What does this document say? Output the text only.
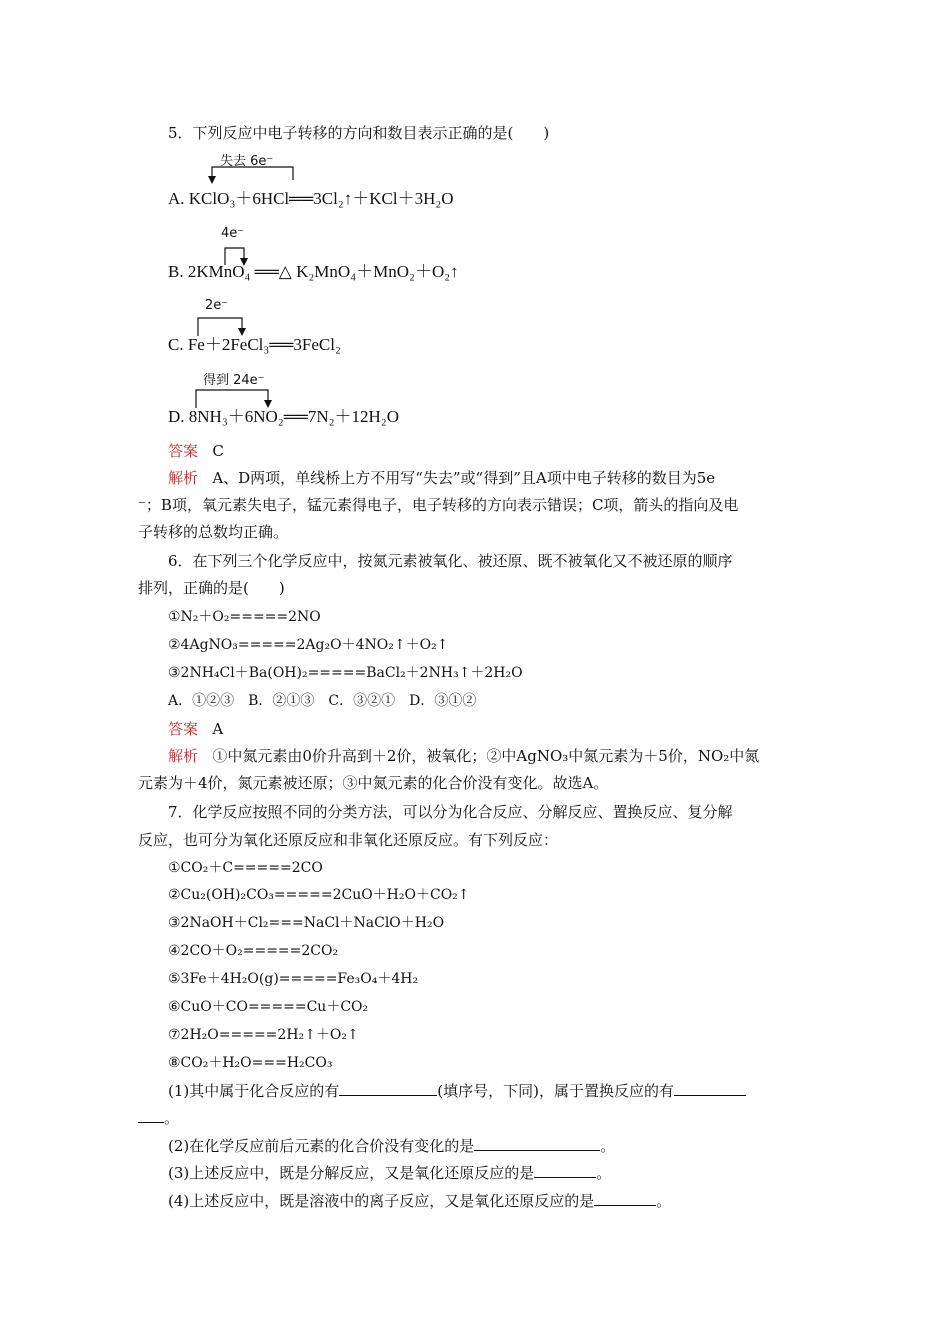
5．下列反应中电子转移的方向和数目表示正确的是(　　)
失去 6e⁻
A. KClO₃＋6HCl══3Cl₂↑＋KCl＋3H₂O
4e⁻
B. 2KMnO₄ ══△ K₂MnO₄＋MnO₂＋O₂↑
2e⁻
C. Fe＋2FeCl₃══3FeCl₂
得到 24e⁻
D. 8NH₃＋6NO₂══7N₂＋12H₂O
答案 C
解析 A、D两项，单线桥上方不用写“失去”或“得到”且A项中电子转移的数目为5e
⁻；B项，氧元素失电子，锰元素得电子，电子转移的方向表示错误；C项，箭头的指向及电
子转移的总数均正确。
6．在下列三个化学反应中，按氮元素被氧化、被还原、既不被氧化又不被还原的顺序
排列，正确的是(　　)
①N₂＋O₂=====2NO
②4AgNO₃=====2Ag₂O＋4NO₂↑＋O₂↑
③2NH₄Cl＋Ba(OH)₂=====BaCl₂＋2NH₃↑＋2H₂O
A．①②③　B．②①③　C．③②①　D．③①②
答案 A
解析 ①中氮元素由0价升高到＋2价，被氧化；②中AgNO₃中氮元素为＋5价，NO₂中氮
元素为＋4价，氮元素被还原；③中氮元素的化合价没有变化。故选A。
7．化学反应按照不同的分类方法，可以分为化合反应、分解反应、置换反应、复分解
反应，也可分为氧化还原反应和非氧化还原反应。有下列反应：
①CO₂＋C=====2CO
②Cu₂(OH)₂CO₃=====2CuO＋H₂O＋CO₂↑
③2NaOH＋Cl₂===NaCl＋NaClO＋H₂O
④2CO＋O₂=====2CO₂
⑤3Fe＋4H₂O(g)=====Fe₃O₄＋4H₂
⑥CuO＋CO=====Cu＋CO₂
⑦2H₂O=====2H₂↑＋O₂↑
⑧CO₂＋H₂O===H₂CO₃
(1)其中属于化合反应的有	(填序号，下同)，属于置换反应的有
。
(2)在化学反应前后元素的化合价没有变化的是	。
(3)上述反应中，既是分解反应，又是氧化还原反应的是	。
(4)上述反应中，既是溶液中的离子反应，又是氧化还原反应的是	。
